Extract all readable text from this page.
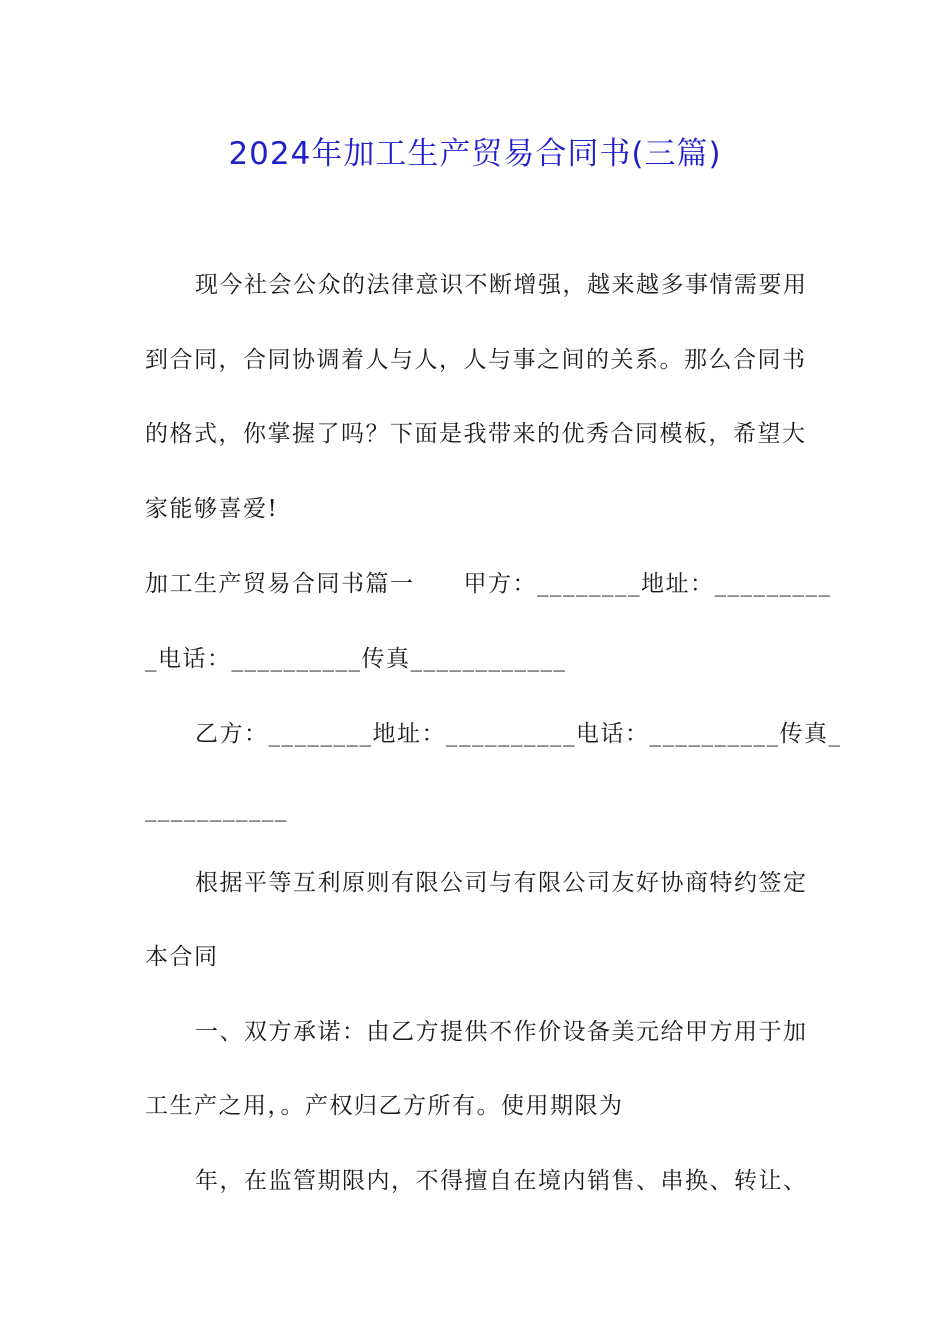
2024年加工生产贸易合同书(三篇)
现今社会公众的法律意识不断增强，越来越多事情需要用
到合同，合同协调着人与人，人与事之间的关系。那么合同书
的格式，你掌握了吗？下面是我带来的优秀合同模板，希望大
家能够喜爱!
加工生产贸易合同书篇一　　甲方：________地址：_________
_电话：__________传真____________
乙方：________地址：__________电话：__________传真_
___________
根据平等互利原则有限公司与有限公司友好协商特约签定
本合同
一、双方承诺：由乙方提供不作价设备美元给甲方用于加
工生产之用，。产权归乙方所有。使用期限为
年，在监管期限内，不得擅自在境内销售、串换、转让、
